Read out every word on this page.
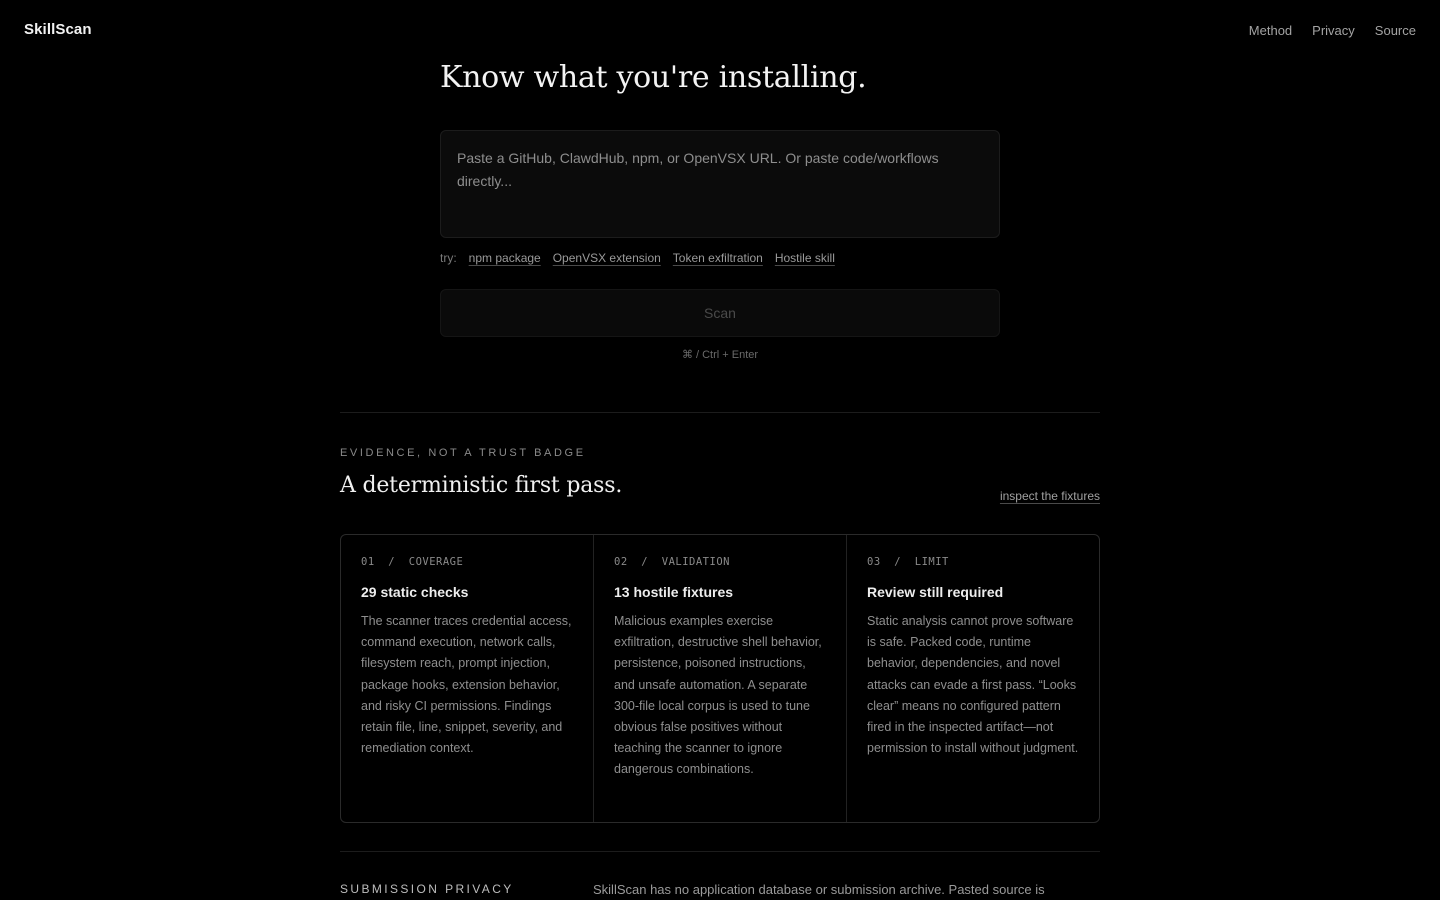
SkillScan	Method Privacy Source
Know what you're installing.
Paste a GitHub, ClawdHub, npm, or OpenVSX URL. Or paste code/workflows directly...
try: npm package OpenVSX extension Token exfiltration Hostile skill
Scan
⌘ / Ctrl + Enter
EVIDENCE, NOT A TRUST BADGE
A deterministic first pass.	inspect the fixtures
01  /  COVERAGE
29 static checks
The scanner traces credential access, command execution, network calls, filesystem reach, prompt injection, package hooks, extension behavior, and risky CI permissions. Findings retain file, line, snippet, severity, and remediation context.
02  /  VALIDATION
13 hostile fixtures
Malicious examples exercise exfiltration, destructive shell behavior, persistence, poisoned instructions, and unsafe automation. A separate 300-file local corpus is used to tune obvious false positives without teaching the scanner to ignore dangerous combinations.
03  /  LIMIT
Review still required
Static analysis cannot prove software is safe. Packed code, runtime behavior, dependencies, and novel attacks can evade a first pass. “Looks clear” means no configured pattern fired in the inspected artifact—not permission to install without judgment.
SUBMISSION PRIVACY	SkillScan has no application database or submission archive. Pasted source is
